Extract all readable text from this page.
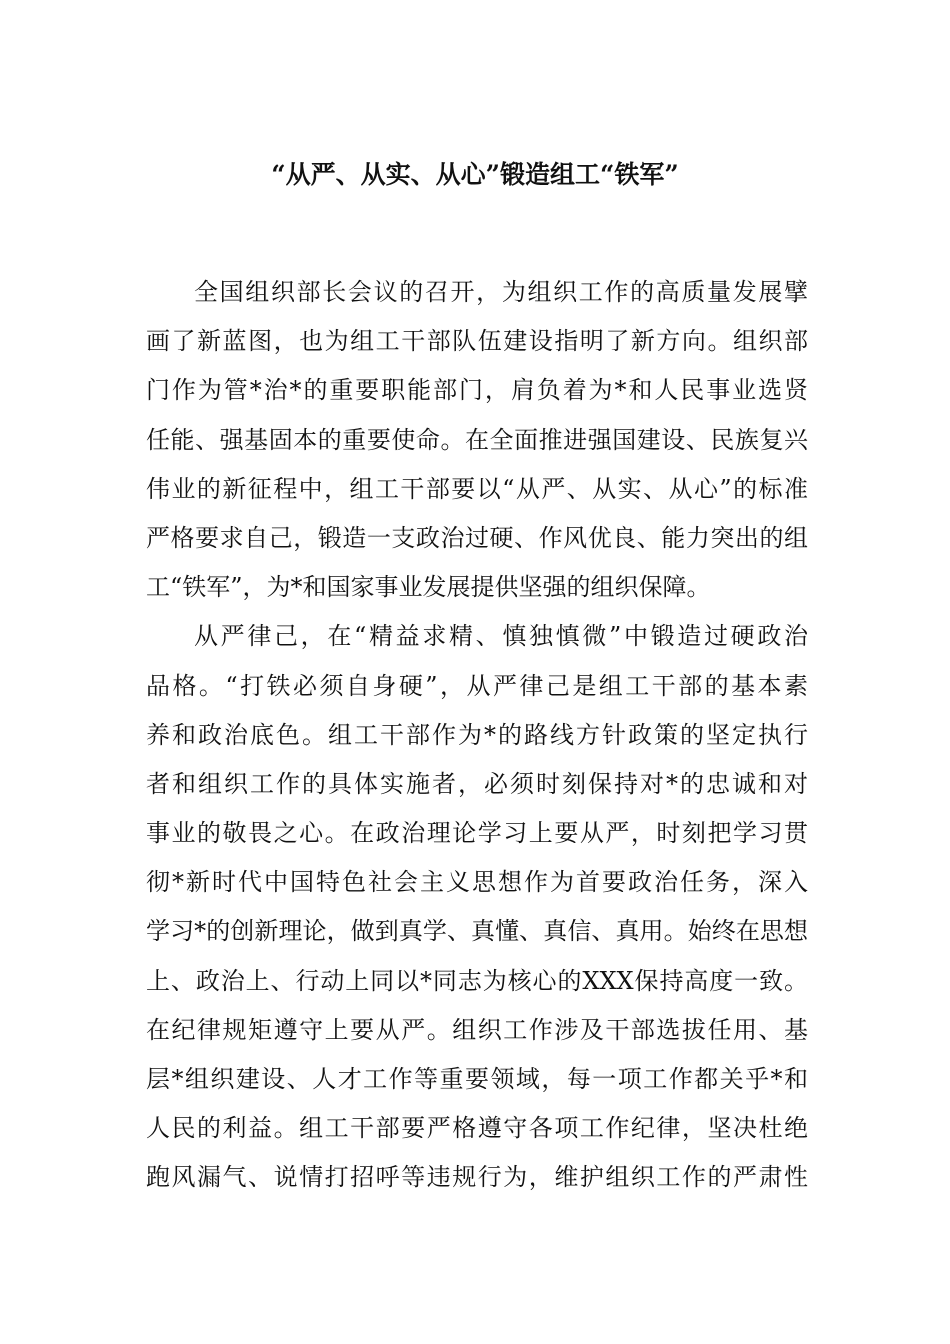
“从严、从实、从心”锻造组工“铁军”
全国组织部长会议的召开，为组织工作的高质量发展擘
画了新蓝图，也为组工干部队伍建设指明了新方向。组织部
门作为管*治*的重要职能部门，肩负着为*和人民事业选贤
任能、强基固本的重要使命。在全面推进强国建设、民族复兴
伟业的新征程中，组工干部要以“从严、从实、从心”的标准
严格要求自己，锻造一支政治过硬、作风优良、能力突出的组
工“铁军”，为*和国家事业发展提供坚强的组织保障。
从严律己，在“精益求精、慎独慎微”中锻造过硬政治
品格。“打铁必须自身硬”，从严律己是组工干部的基本素
养和政治底色。组工干部作为*的路线方针政策的坚定执行
者和组织工作的具体实施者，必须时刻保持对*的忠诚和对
事业的敬畏之心。在政治理论学习上要从严，时刻把学习贯
彻*新时代中国特色社会主义思想作为首要政治任务，深入
学习*的创新理论，做到真学、真懂、真信、真用。始终在思想
上、政治上、行动上同以*同志为核心的XXX保持高度一致。
在纪律规矩遵守上要从严。组织工作涉及干部选拔任用、基
层*组织建设、人才工作等重要领域，每一项工作都关乎*和
人民的利益。组工干部要严格遵守各项工作纪律，坚决杜绝
跑风漏气、说情打招呼等违规行为，维护组织工作的严肃性
